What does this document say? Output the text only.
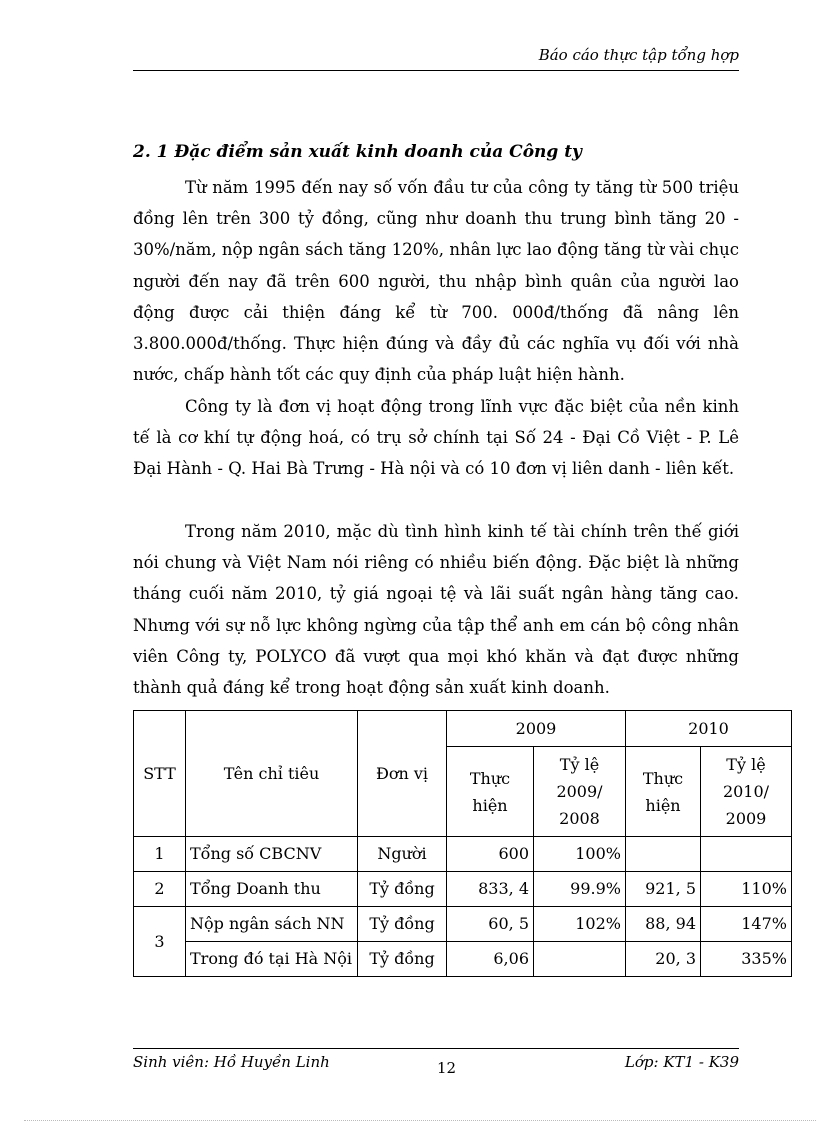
Báo cáo thực tập tổng hợp
2. 1 Đặc điểm sản xuất kinh doanh của Công ty

Từ năm 1995 đến nay số vốn đầu tư của công ty tăng từ 500 triệu đồng lên trên 300 tỷ đồng, cũng như doanh thu trung bình tăng 20 - 30%/năm, nộp ngân sách tăng 120%, nhân lực lao động tăng từ vài chục người đến nay đã trên 600 người, thu nhập bình quân của người lao động được cải thiện đáng kể từ 700. 000đ/thống đã nâng lên 3.800.000đ/thống. Thực hiện đúng và đầy đủ các nghĩa vụ đối với nhà nước, chấp hành tốt các quy định của pháp luật hiện hành.

Công ty là đơn vị hoạt động trong lĩnh vực đặc biệt của nền kinh tế là cơ khí tự động hoá, có trụ sở chính tại Số 24 - Đại Cồ Việt - P. Lê Đại Hành - Q. Hai Bà Trưng - Hà nội và có 10 đơn vị liên danh - liên kết.

Trong năm 2010, mặc dù tình hình kinh tế tài chính trên thế giới nói chung và Việt Nam nói riêng có nhiều biến động. Đặc biệt là những tháng cuối năm 2010, tỷ giá ngoại tệ và lãi suất ngân hàng tăng cao. Nhưng với sự nỗ lực không ngừng của tập thể anh em cán bộ công nhân viên Công ty, POLYCO đã vượt qua mọi khó khăn và đạt được những thành quả đáng kể trong hoạt động sản xuất kinh doanh.

STT	Tên chỉ tiêu	Đơn vị	2009		2010	
			Thực hiện	Tỷ lệ 2009/ 2008	Thực hiện	Tỷ lệ 2010/ 2009
1	Tổng số CBCNV	Người	600	100%		
2	Tổng Doanh thu	Tỷ đồng	833, 4	99.9%	921, 5	110%
3	Nộp ngân sách NN	Tỷ đồng	60, 5	102%	88, 94	147%
	Trong đó tại Hà Nội	Tỷ đồng	6,06		20, 3	335%
Sinh viên: Hồ Huyền Linh	12	Lớp: KT1 - K39
